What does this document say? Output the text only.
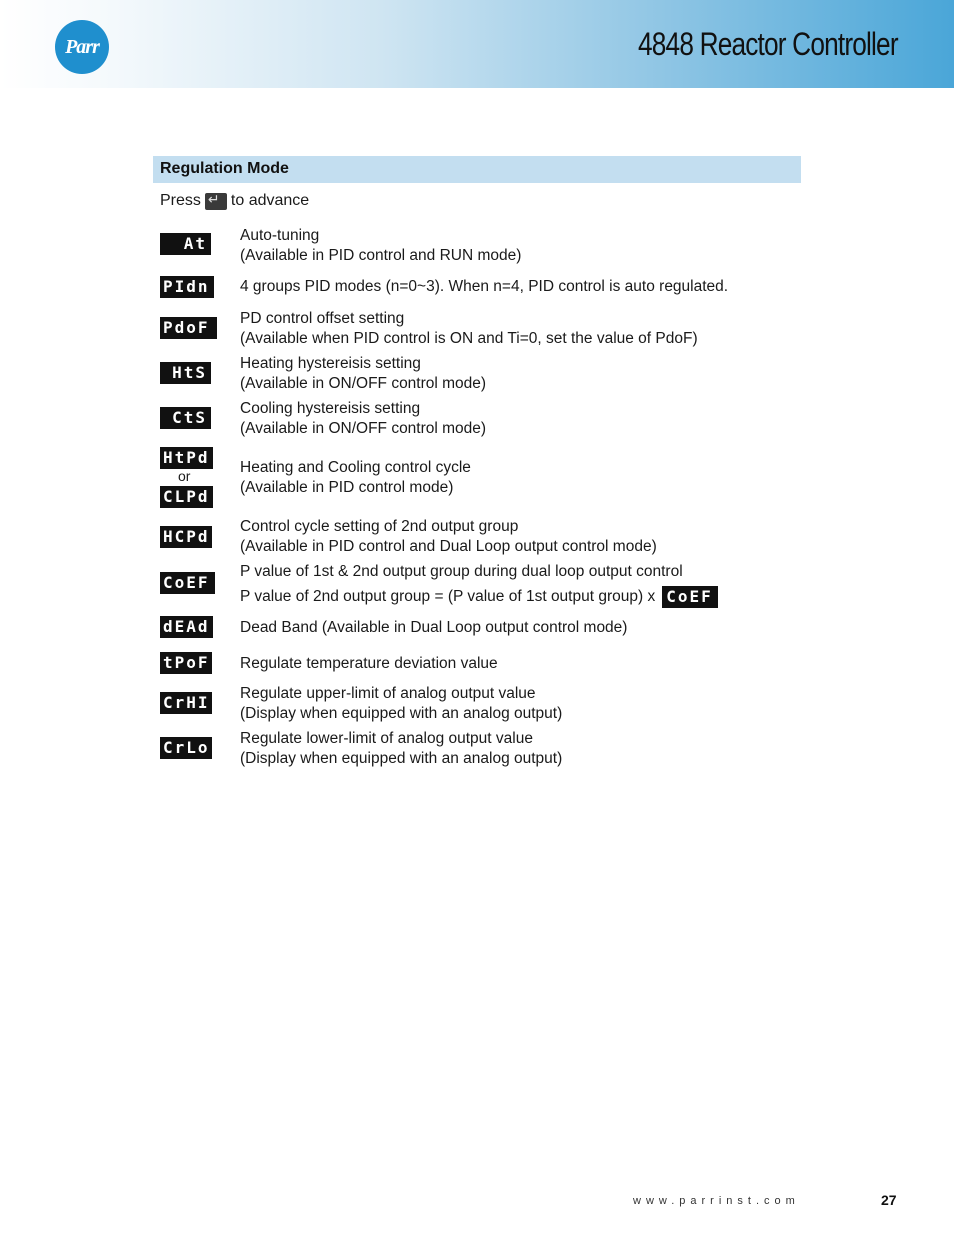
Parr	4848 Reactor Controller
Regulation Mode
Press
↵ to advance
At Auto-tuning
(Available in PID control and RUN mode)
PIdn 4 groups PID modes (n=0~3). When n=4, PID control is auto regulated.
PdoF	PD control offset setting
(Available when PID control is ON and Ti=0, set the value of PdoF)
HtS Heating hystereisis setting
(Available in ON/OFF control mode)
CtS Cooling hystereisis setting
(Available in ON/OFF control mode)
HtPd
or
CLPd
Heating and Cooling control cycle
(Available in PID control mode)
HCPd
Control cycle setting of 2nd output group
(Available in PID control and Dual Loop output control mode)
CoEF
P value of 1st & 2nd output group during dual loop output control
P value of 2nd output group = (P value of 1st output group) x CoEF
dEAd Dead Band (Available in Dual Loop output control mode)
tPoF Regulate temperature deviation value
CrHI Regulate upper-limit of analog output value
(Display when equipped with an analog output)
CrLo Regulate lower-limit of analog output value
(Display when equipped with an analog output)
www.parrinst.com	27
